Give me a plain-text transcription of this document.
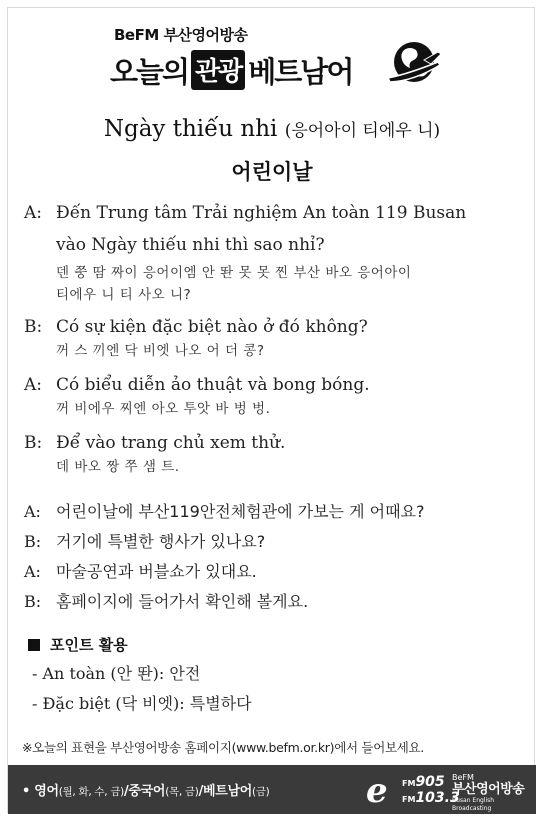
BeFM 부산영어방송
오늘의 관광 베트남어
Ngày thiếu nhi (응어아이 티에우 니)
어린이날
A: Đến Trung tâm Trải nghiệm An toàn 119 Busan
vào Ngày thiếu nhi thì sao nhỉ?
덴 쭝 땀 짜이 응어이엠 안 똰 못 못 찐 부산 바오 응어아이
티에우 니 티 사오 니?
B: Có sự kiện đặc biệt nào ở đó không?
꺼 스 끼엔 닥 비엣 나오 어 더 콩?
A: Có biểu diễn ảo thuật và bong bóng.
꺼 비에우 찌엔 아오 투앗 바 벙 벙.
B: Để vào trang chủ xem thử.
데 바오 짱 쭈 샘 트.
A: 어린이날에 부산119안전체험관에 가보는 게 어때요?
B: 거기에 특별한 행사가 있나요?
A: 마술공연과 버블쇼가 있대요.
B: 홈페이지에 들어가서 확인해 볼게요.
포인트 활용
- An toàn (안 똰): 안전
- Đặc biệt (닥 비엣): 특별하다
※오늘의 표현을 부산영어방송 홈페이지(www.befm.or.kr)에서 들어보세요.
• 영어(월, 화, 수, 금)/중국어(목, 금)/베트남어(금)	e FM905
FM103.3
BeFM
부산영어방송
Busan English Broadcasting
